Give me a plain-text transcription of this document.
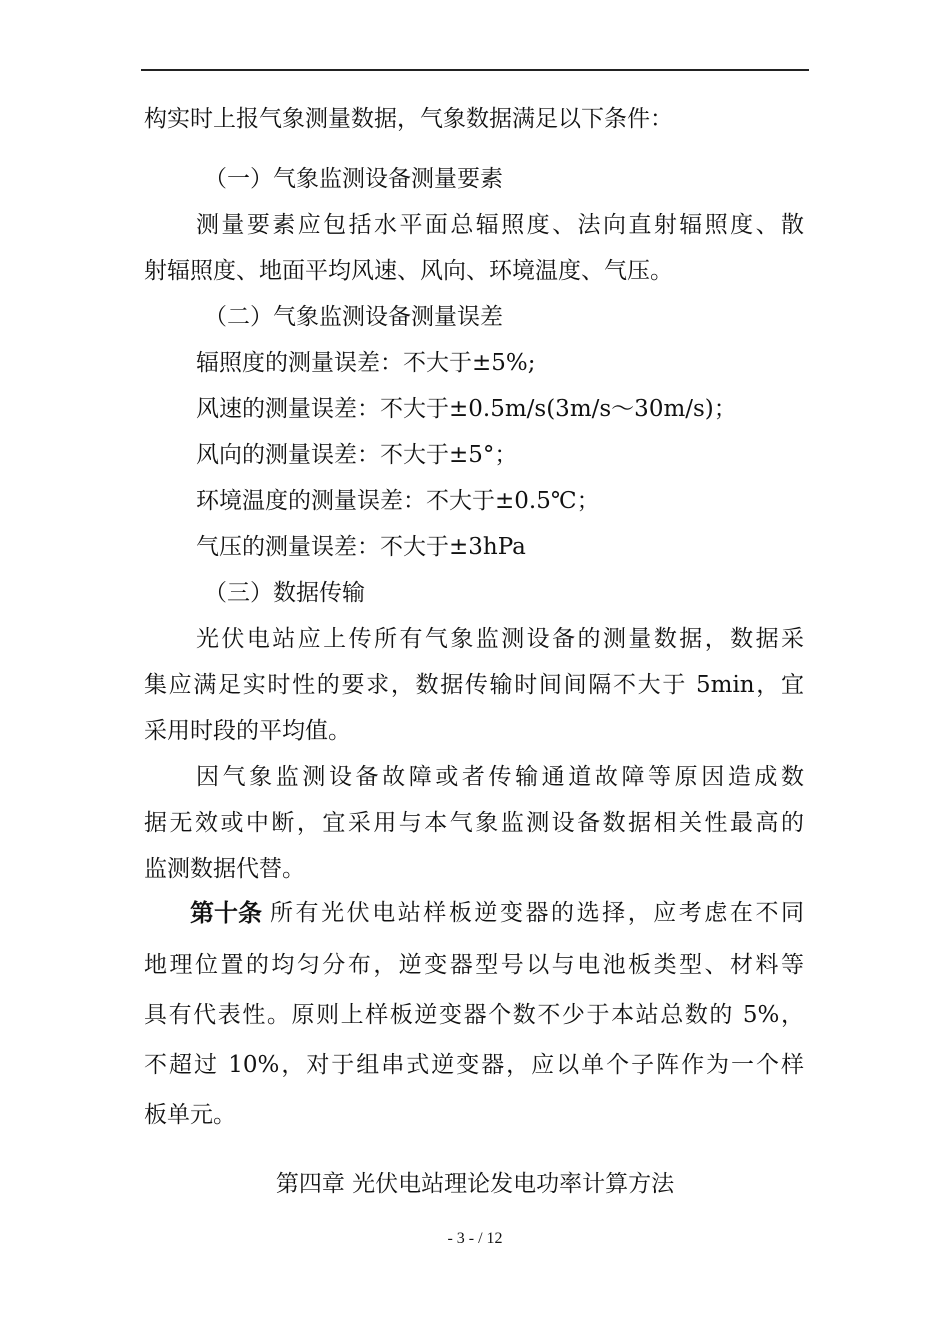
构实时上报气象测量数据，气象数据满足以下条件：
（一）气象监测设备测量要素
测量要素应包括水平面总辐照度、法向直射辐照度、散
射辐照度、地面平均风速、风向、环境温度、气压。
（二）气象监测设备测量误差
辐照度的测量误差：不大于±5%;
风速的测量误差：不大于±0.5m/s(3m/s～30m/s)；
风向的测量误差：不大于±5°；
环境温度的测量误差：不大于±0.5℃；
气压的测量误差：不大于±3hPa
（三）数据传输
光伏电站应上传所有气象监测设备的测量数据，数据采
集应满足实时性的要求，数据传输时间间隔不大于 5min，宜
采用时段的平均值。
因气象监测设备故障或者传输通道故障等原因造成数
据无效或中断，宜采用与本气象监测设备数据相关性最高的
监测数据代替。
第十条 所有光伏电站样板逆变器的选择，应考虑在不同
地理位置的均匀分布，逆变器型号以与电池板类型、材料等
具有代表性。原则上样板逆变器个数不少于本站总数的 5%，
不超过 10%，对于组串式逆变器，应以单个子阵作为一个样
板单元。
第四章 光伏电站理论发电功率计算方法
- 3 - / 12
